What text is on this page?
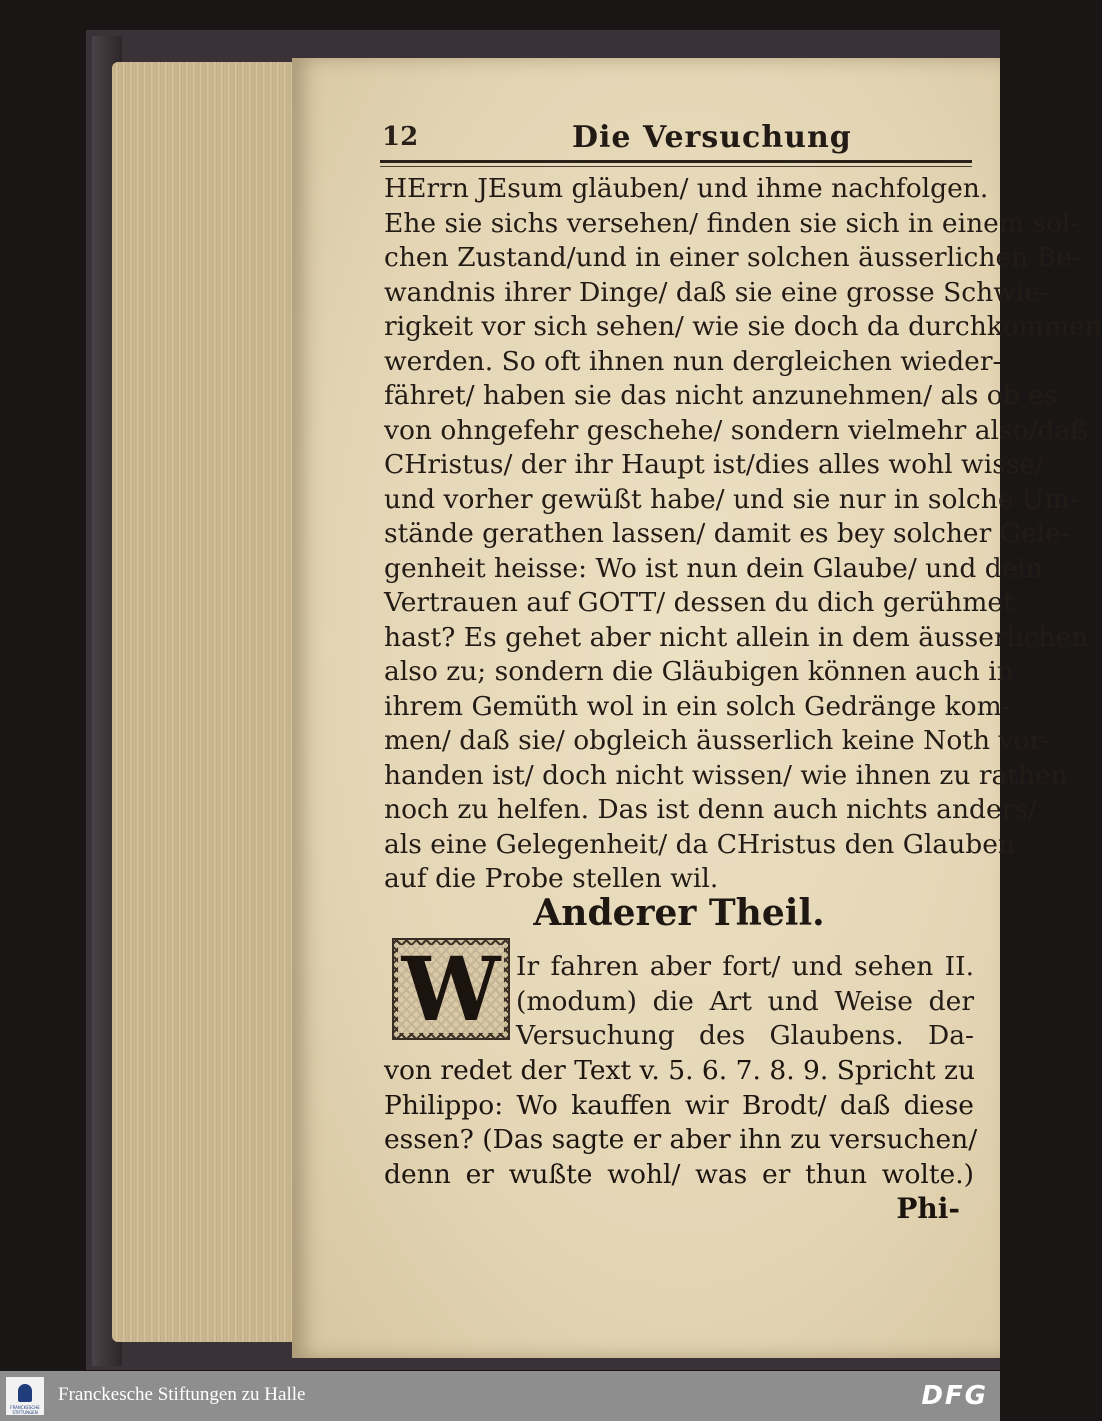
12	Die Versuchung
HErrn JEsum gläuben/ und ihme nachfolgen.
Ehe sie sichs versehen/ finden sie sich in einem sol-
chen Zustand/und in einer solchen äusserlichen Be-
wandnis ihrer Dinge/ daß sie eine grosse Schwie-
rigkeit vor sich sehen/ wie sie doch da durchkommen
werden. So oft ihnen nun dergleichen wieder-
fähret/ haben sie das nicht anzunehmen/ als ob es
von ohngefehr geschehe/ sondern vielmehr also/daß
CHristus/ der ihr Haupt ist/dies alles wohl wisse/
und vorher gewüßt habe/ und sie nur in solche Um-
stände gerathen lassen/ damit es bey solcher Gele-
genheit heisse: Wo ist nun dein Glaube/ und dein
Vertrauen auf GOTT/ dessen du dich gerühmet
hast? Es gehet aber nicht allein in dem äusserlichen
also zu; sondern die Gläubigen können auch in
ihrem Gemüth wol in ein solch Gedränge kom-
men/ daß sie/ obgleich äusserlich keine Noth vor-
handen ist/ doch nicht wissen/ wie ihnen zu rathen
noch zu helfen. Das ist denn auch nichts anders/
als eine Gelegenheit/ da CHristus den Glauben
auf die Probe stellen wil.
Anderer Theil.
W Ir fahren aber fort/ und sehen II.
(modum) die Art und Weise der
Versuchung des Glaubens. Da-
von redet der Text v. 5. 6. 7. 8. 9. Spricht zu
Philippo: Wo kauffen wir Brodt/ daß diese
essen? (Das sagte er aber ihn zu versuchen/
denn er wußte wohl/ was er thun wolte.)
Phi-
FRANCKESCHE STIFTUNGEN
Franckesche Stiftungen zu Halle	DFG
